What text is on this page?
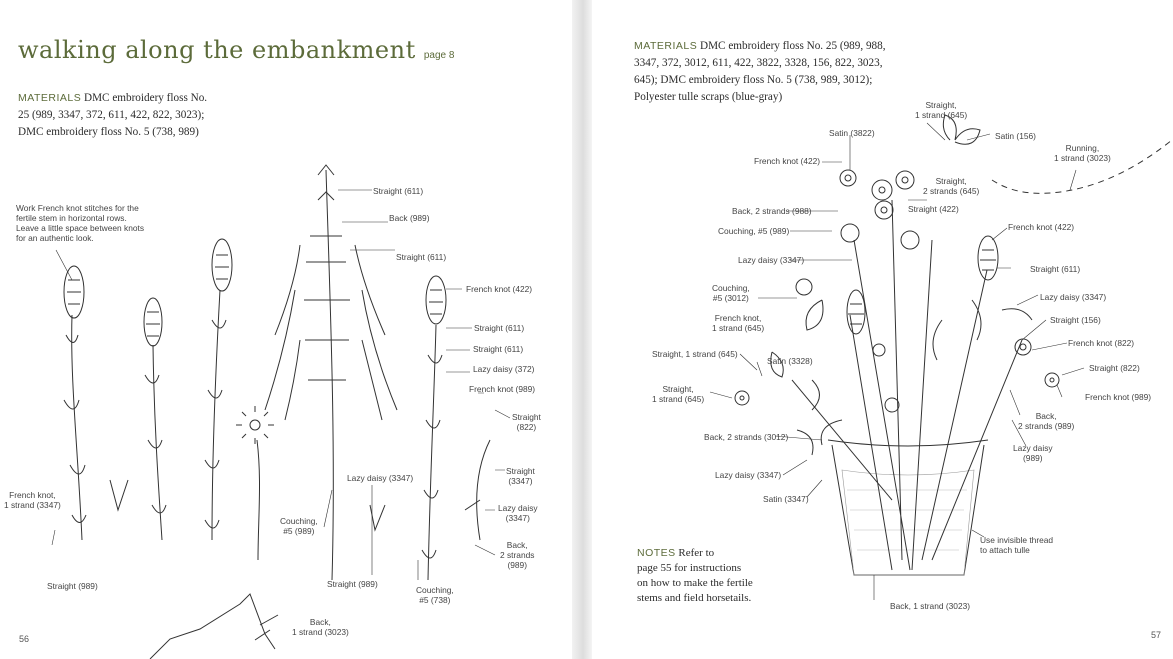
walking along the embankment page 8
MATERIALS DMC embroidery floss No.
25 (989, 3347, 372, 611, 422, 822, 3023);
DMC embroidery floss No. 5 (738, 989)
Work French knot stitches for the
fertile stem in horizontal rows.
Leave a little space between knots
for an authentic look.
Straight (611)
Back (989)
Straight (611)
French knot (422)
Straight (611)
Straight (611)
Lazy daisy (372)
French knot (989)
Straight
(822)
Straight
(3347)
Lazy daisy
(3347)
Back,
2 strands
(989)
Lazy daisy (3347)
Couching,
#5 (989)
French knot,
1 strand (3347)
Straight (989)	Straight (989)
Couching,
#5 (738)
Back,
1 strand (3023)
56
MATERIALS DMC embroidery floss No. 25 (989, 988,
3347, 372, 3012, 611, 422, 3822, 3328, 156, 822, 3023,
645); DMC embroidery floss No. 5 (738, 989, 3012);
Polyester tulle scraps (blue-gray)
Straight,
1 strand (645)
Satin (3822)	Satin (156)
Running,
1 strand (3023)
French knot (422)
Straight,
2 strands (645)
Back, 2 strands (988)	Straight (422)
Couching, #5 (989)	French knot (422)
Lazy daisy (3347)
Straight (611)
Couching,
#5 (3012)	Lazy daisy (3347)
French knot,
1 strand (645)
Straight (156)
French knot (822)
Straight, 1 strand (645)
Satin (3328)
Straight (822)
Straight,
1 strand (645)	French knot (989)
Back,
2 strands (989)
Back, 2 strands (3012)
Lazy daisy
(989)
Lazy daisy (3347)
Satin (3347)
Use invisible thread
to attach tulle
Back, 1 strand (3023)
NOTES Refer to
page 55 for instructions
on how to make the fertile
stems and field horsetails.
57
